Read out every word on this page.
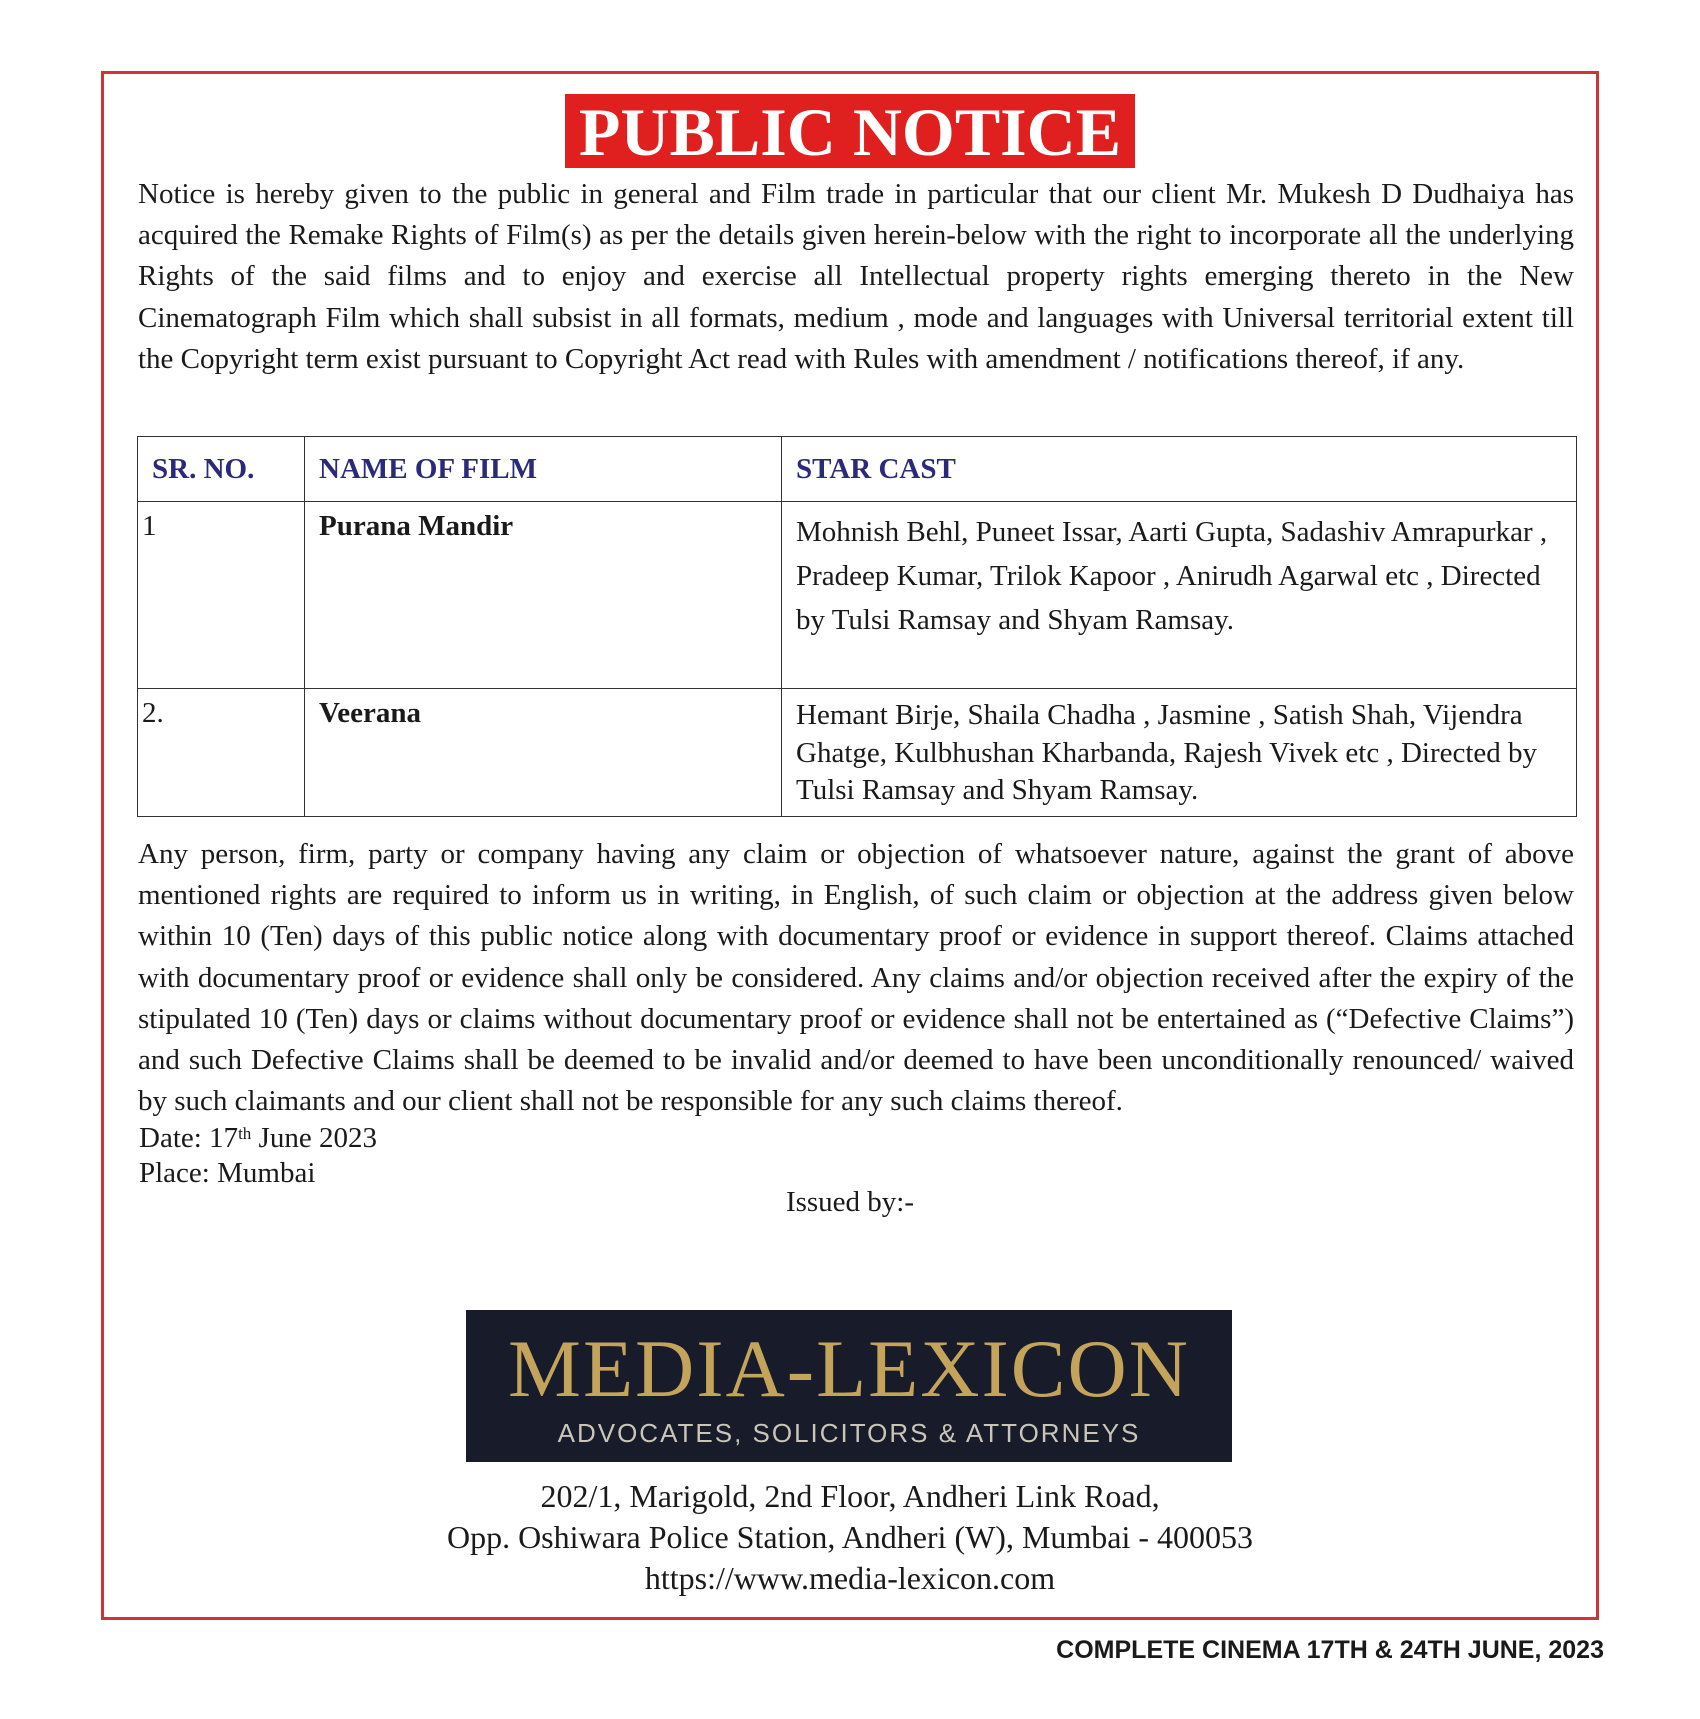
PUBLIC NOTICE

Notice is hereby given to the public in general and Film trade in particular that our client Mr. Mukesh D Dudhaiya has acquired the Remake Rights of Film(s) as per the details given herein-below with the right to incorporate all the underlying Rights of the said films and to enjoy and exercise all Intellectual property rights emerging thereto in the New Cinematograph Film which shall subsist in all formats, medium , mode and languages with Universal territorial extent till the Copyright term exist pursuant to Copyright Act read with Rules with amendment / notifications thereof, if any.

SR. NO.	NAME OF FILM	STAR CAST
1	Purana Mandir	Mohnish Behl, Puneet Issar, Aarti Gupta, Sadashiv Amrapurkar , Pradeep Kumar, Trilok Kapoor , Anirudh Agarwal etc , Directed by Tulsi Ramsay and Shyam Ramsay.
2.	Veerana	Hemant Birje, Shaila Chadha , Jasmine , Satish Shah, Vijendra Ghatge, Kulbhushan Kharbanda, Rajesh Vivek etc , Directed by Tulsi Ramsay and Shyam Ramsay.

Any person, firm, party or company having any claim or objection of whatsoever nature, against the grant of above mentioned rights are required to inform us in writing, in English, of such claim or objection at the address given below within 10 (Ten) days of this public notice along with documentary proof or evidence in support thereof. Claims attached with documentary proof or evidence shall only be considered. Any claims and/or objection received after the expiry of the stipulated 10 (Ten) days or claims without documentary proof or evidence shall not be entertained as (“Defective Claims”) and such Defective Claims shall be deemed to be invalid and/or deemed to have been unconditionally renounced/ waived by such claimants and our client shall not be responsible for any such claims thereof.

Date: 17th June 2023
Place: Mumbai
Issued by:-
MEDIA-LEXICON
ADVOCATES, SOLICITORS & ATTORNEYS
202/1, Marigold, 2nd Floor, Andheri Link Road,
Opp. Oshiwara Police Station, Andheri (W), Mumbai - 400053
https://www.media-lexicon.com
COMPLETE CINEMA 17TH & 24TH JUNE, 2023
